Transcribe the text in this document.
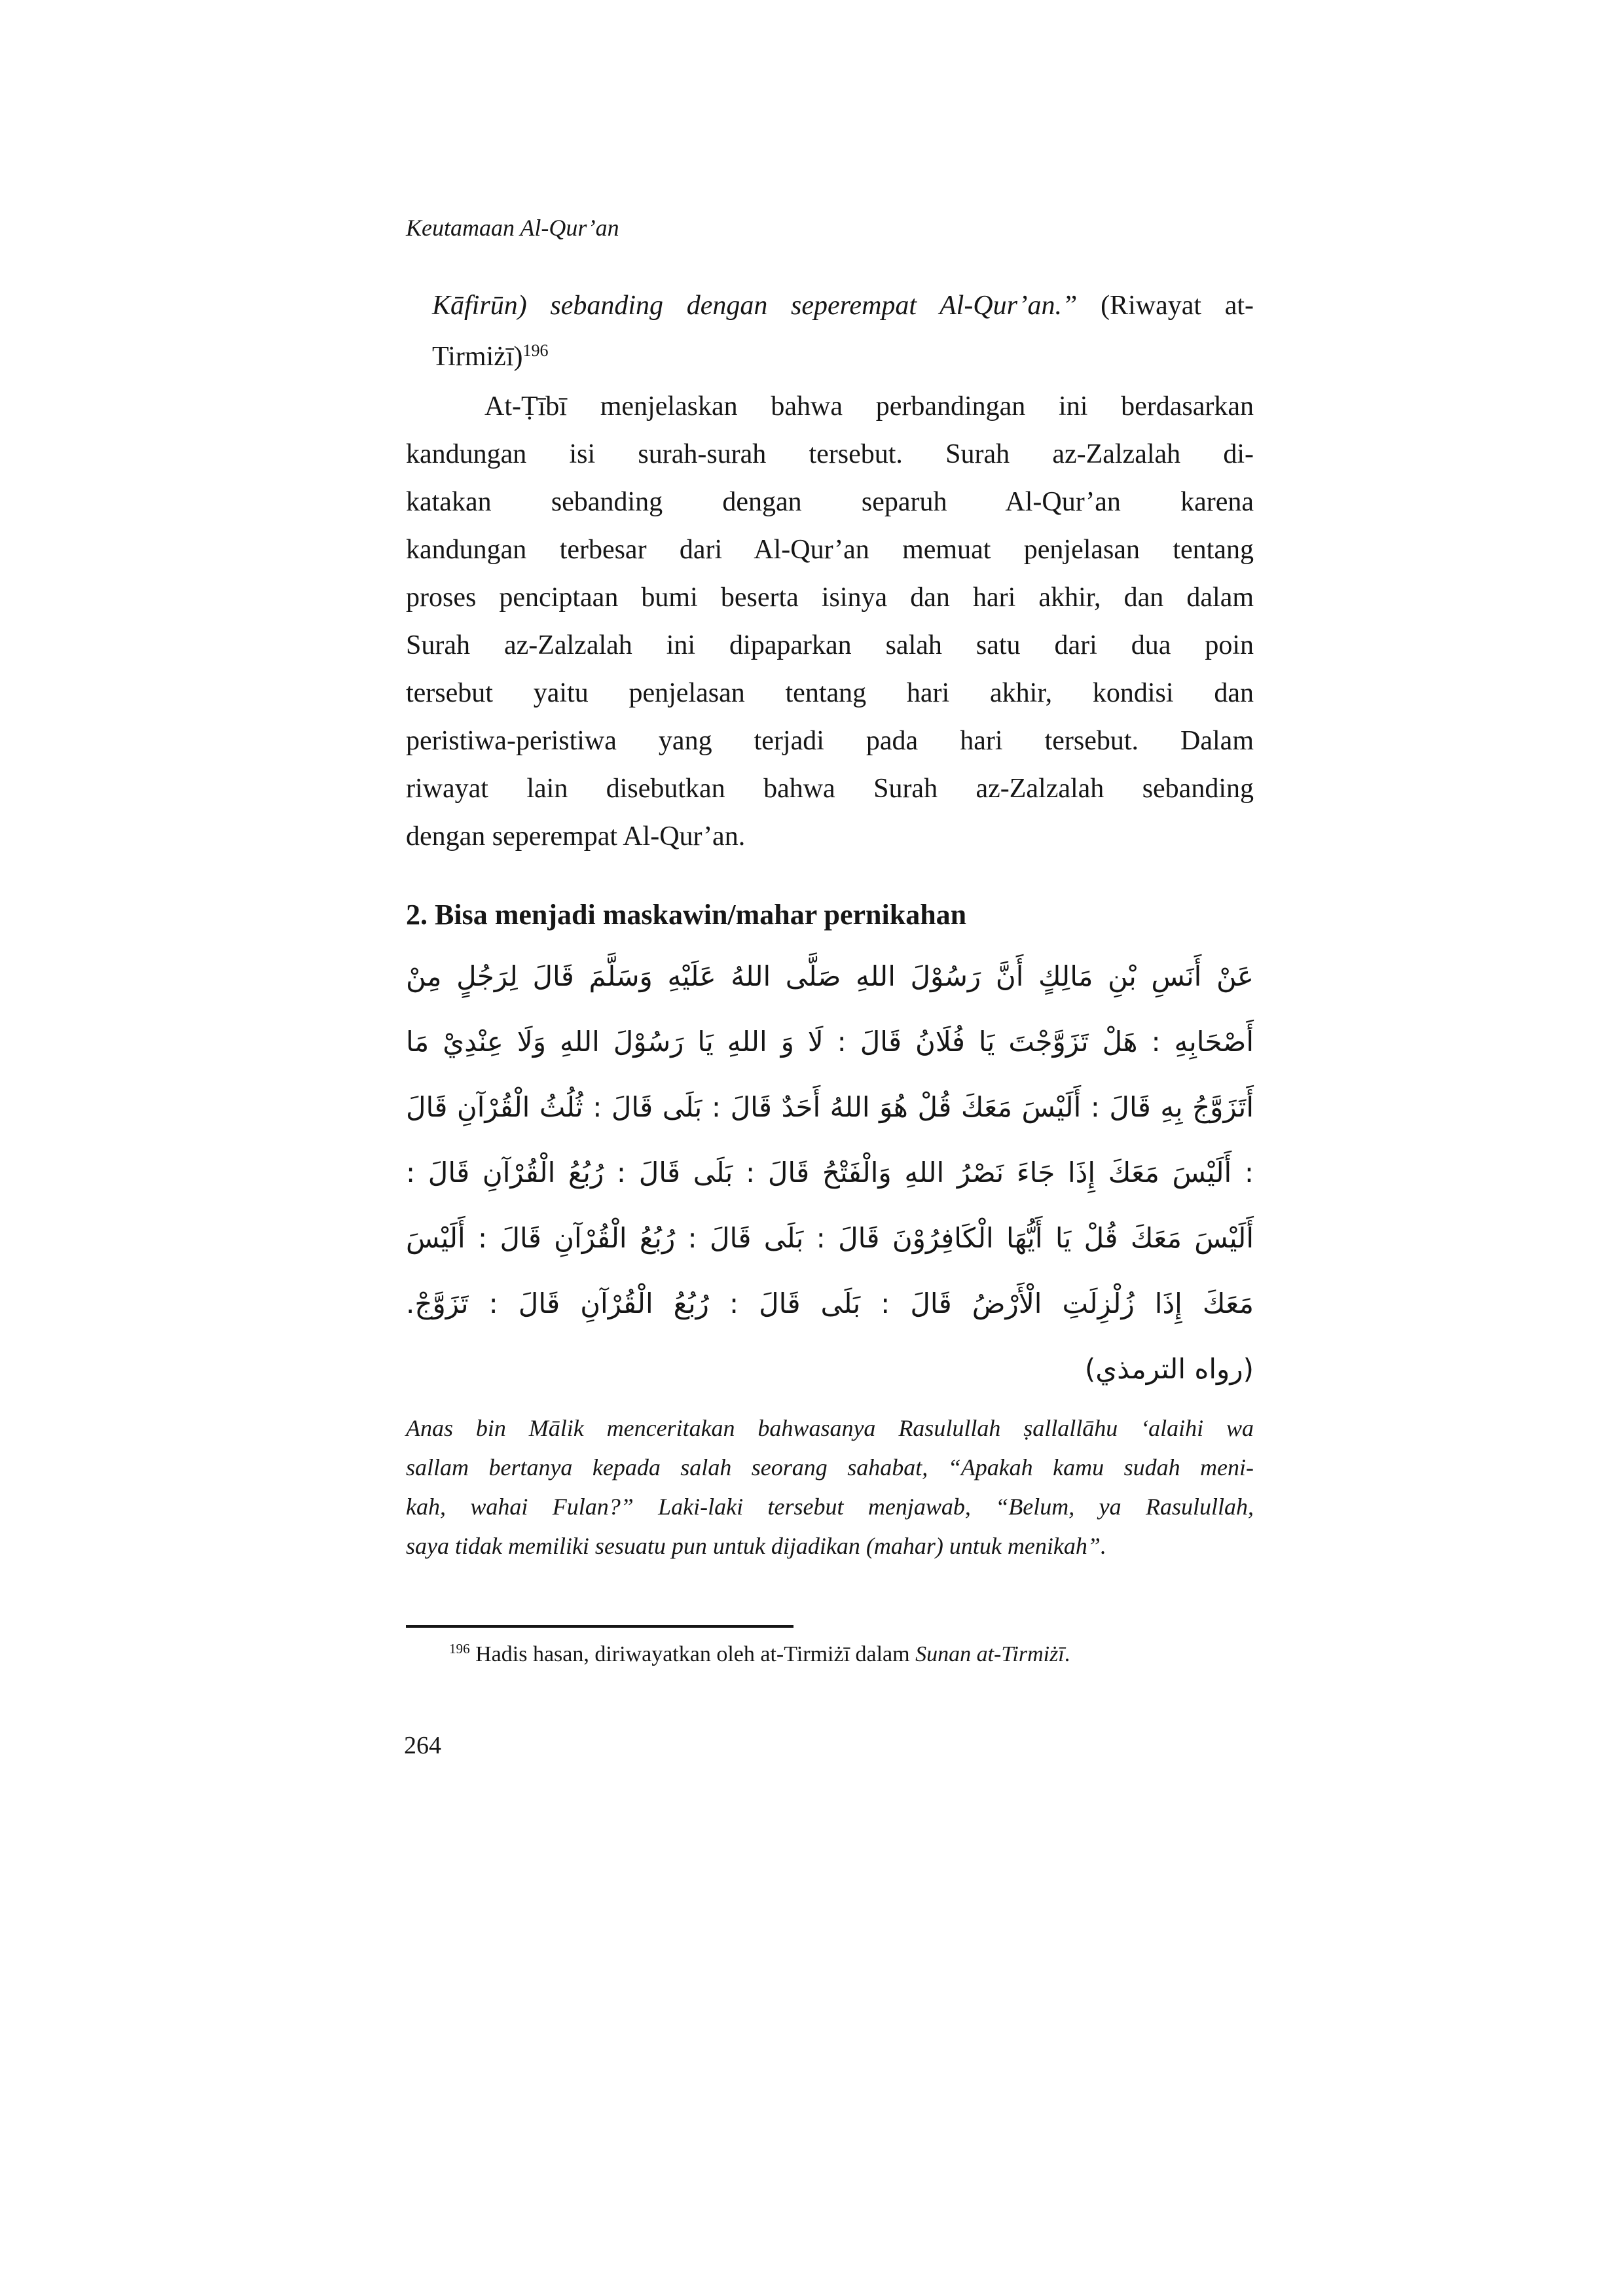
Keutamaan Al-Qur’an
Kāfirūn) sebanding dengan seperempat Al-Qur’an.” (Riwayat at-
Tirmiżī)$^{196}$
At-Ṭībī menjelaskan bahwa perbandingan ini berdasarkan
kandungan isi surah-surah tersebut. Surah az-Zalzalah di-
katakan sebanding dengan separuh Al-Qur’an karena
kandungan terbesar dari Al-Qur’an memuat penjelasan tentang
proses penciptaan bumi beserta isinya dan hari akhir, dan dalam
Surah az-Zalzalah ini dipaparkan salah satu dari dua poin
tersebut yaitu penjelasan tentang hari akhir, kondisi dan
peristiwa-peristiwa yang terjadi pada hari tersebut. Dalam
riwayat lain disebutkan bahwa Surah az-Zalzalah sebanding
dengan seperempat Al-Qur’an.
2. Bisa menjadi maskawin/mahar pernikahan
عَنْ أَنَسِ بْنِ مَالِكٍ أَنَّ رَسُوْلَ اللهِ صَلَّى اللهُ عَلَيْهِ وَسَلَّمَ قَالَ لِرَجُلٍ مِنْ
أَصْحَابِهِ : هَلْ تَزَوَّجْتَ يَا فُلَانُ قَالَ : لَا وَ اللهِ يَا رَسُوْلَ اللهِ وَلَا عِنْدِيْ مَا
أَتَزَوَّجُ بِهِ قَالَ : أَلَيْسَ مَعَكَ قُلْ هُوَ اللهُ أَحَدٌ قَالَ : بَلَى قَالَ : ثُلُثُ الْقُرْآنِ قَالَ
: أَلَيْسَ مَعَكَ إِذَا جَاءَ نَصْرُ اللهِ وَالْفَتْحُ قَالَ : بَلَى قَالَ : رُبُعُ الْقُرْآنِ قَالَ :
أَلَيْسَ مَعَكَ قُلْ يَا أَيُّهَا الْكَافِرُوْنَ قَالَ : بَلَى قَالَ : رُبُعُ الْقُرْآنِ قَالَ : أَلَيْسَ
مَعَكَ إِذَا زُلْزِلَتِ الْأَرْضُ قَالَ : بَلَى قَالَ : رُبُعُ الْقُرْآنِ قَالَ : تَزَوَّجْ.
(رواه الترمذي)
Anas bin Mālik menceritakan bahwasanya Rasulullah ṣallallāhu ‘alaihi wa
sallam bertanya kepada salah seorang sahabat, “Apakah kamu sudah meni-
kah, wahai Fulan?” Laki-laki tersebut menjawab, “Belum, ya Rasulullah,
saya tidak memiliki sesuatu pun untuk dijadikan (mahar) untuk menikah”.
$^{196}$ Hadis hasan, diriwayatkan oleh at-Tirmiżī dalam Sunan at-Tirmiżī.
264
